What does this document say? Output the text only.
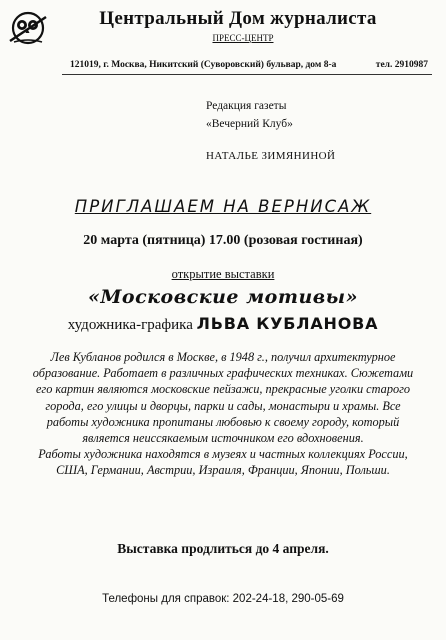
Центральный Дом журналиста
ПРЕСС-ЦЕНТР
121019, г. Москва, Никитский (Суворовский) бульвар, дом 8-а	тел. 2910987
Редакция газеты
«Вечерний Клуб»
НАТАЛЬЕ ЗИМЯНИНОЙ
ПРИГЛАШАЕМ НА ВЕРНИСАЖ
20 марта (пятница) 17.00 (розовая гостиная)
открытие выставки
«Московские мотивы»
художника-графика ЛЬВА КУБЛАНОВА

Лев Кубланов родился в Москве, в 1948 г., получил архитектурное образование. Работает в различных графических техниках. Сюжетами его картин являются московские пейзажи, прекрасные уголки старого города, его улицы и дворцы, парки и сады, монастыри и храмы. Все работы художника пропитаны любовью к своему городу, который является неиссякаемым источником его вдохновения.

Работы художника находятся в музеях и частных коллекциях России, США, Германии, Австрии, Израиля, Франции, Японии, Польши.

Выставка продлиться до 4 апреля.
Телефоны для справок: 202-24-18, 290-05-69
